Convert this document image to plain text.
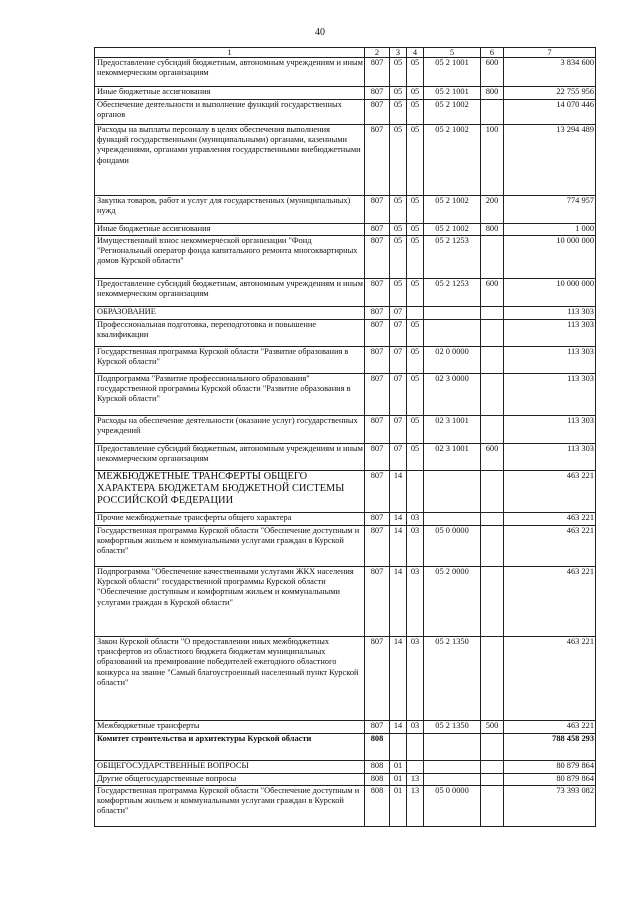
40
1	2	3	4	5	6	7
Предоставление субсидий бюджетным, автономным учреждениям и иным некоммерческим организациям	807	05	05	05 2 1001	600	3 834 600
Иные бюджетные ассигнования	807	05	05	05 2 1001	800	22 755 956
Обеспечение деятельности и выполнение функций государственных органов	807	05	05	05 2 1002		14 070 446
Расходы на выплаты персоналу в целях обеспечения выполнения функций государственными (муниципальными) органами, казенными учреждениями, органами управления государственными внебюджетными фондами	807	05	05	05 2 1002	100	13 294 489
Закупка товаров, работ и услуг для государственных (муниципальных) нужд	807	05	05	05 2 1002	200	774 957
Иные бюджетные ассигнования	807	05	05	05 2 1002	800	1 000
Имущественный взнос некоммерческой организации "Фонд "Региональный оператор фонда капитального ремонта многоквартирных домов Курской области"	807	05	05	05 2 1253		10 000 000
Предоставление субсидий бюджетным, автономным учреждениям и иным некоммерческим организациям	807	05	05	05 2 1253	600	10 000 000
ОБРАЗОВАНИЕ	807	07				113 303
Профессиональная подготовка, переподготовка и повышение квалификации	807	07	05			113 303
Государственная программа Курской области "Развитие образования в Курской области"	807	07	05	02 0 0000		113 303
Подпрограмма "Развитие профессионального образования" государственной программы Курской области "Развитие образования в Курской области"	807	07	05	02 3 0000		113 303
Расходы на обеспечение деятельности (оказание услуг) государственных учреждений	807	07	05	02 3 1001		113 303
Предоставление субсидий бюджетным, автономным учреждениям и иным некоммерческим организациям	807	07	05	02 3 1001	600	113 303
МЕЖБЮДЖЕТНЫЕ ТРАНСФЕРТЫ ОБЩЕГО ХАРАКТЕРА БЮДЖЕТАМ БЮДЖЕТНОЙ СИСТЕМЫ РОССИЙСКОЙ ФЕДЕРАЦИИ	807	14				463 221
Прочие межбюджетные трансферты общего характера	807	14	03			463 221
Государственная программа Курской области "Обеспечение доступным и комфортным жильем и коммунальными услугами граждан в Курской области"	807	14	03	05 0 0000		463 221
Подпрограмма "Обеспечение качественными услугами ЖКХ населения Курской области" государственной программы Курской области "Обеспечение доступным и комфортным жильем и коммунальными услугами граждан в Курской области"	807	14	03	05 2 0000		463 221
Закон Курской области "О предоставлении иных межбюджетных трансфертов из областного бюджета бюджетам муниципальных образований на премирование победителей ежегодного областного конкурса на звание "Самый благоустроенный населенный пункт Курской области"	807	14	03	05 2 1350		463 221
Межбюджетные трансферты	807	14	03	05 2 1350	500	463 221
Комитет строительства и архитектуры Курской области	808					788 458 293
ОБЩЕГОСУДАРСТВЕННЫЕ ВОПРОСЫ	808	01				80 879 864
Другие общегосударственные вопросы	808	01	13			80 879 864
Государственная программа Курской области "Обеспечение доступным и комфортным жильем и коммунальными услугами граждан в Курской области"	808	01	13	05 0 0000		73 393 082
